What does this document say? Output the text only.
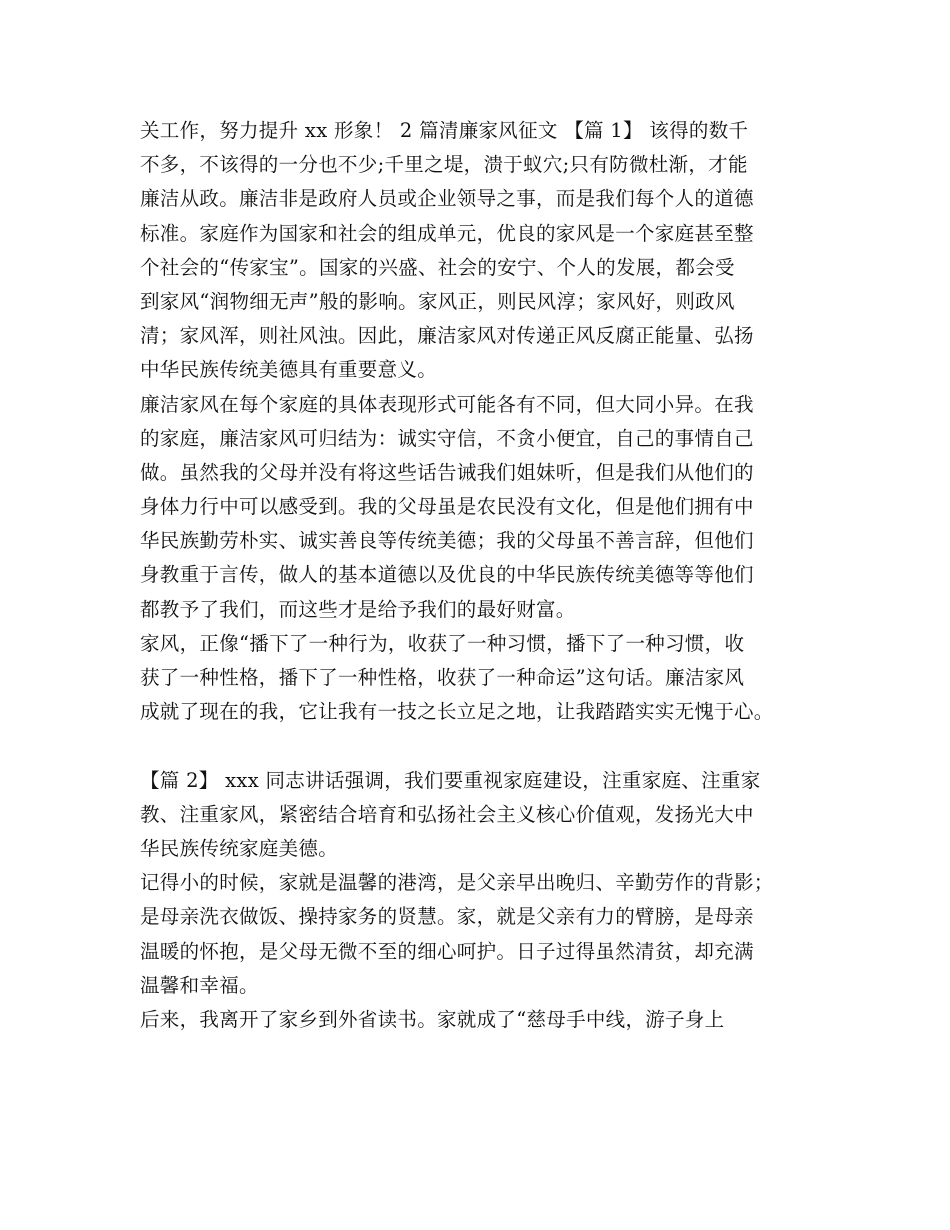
关工作，努力提升 xx 形象！ 2 篇清廉家风征文 【篇 1】 该得的数千
不多，不该得的一分也不少;千里之堤，溃于蚁穴;只有防微杜渐，才能
廉洁从政。廉洁非是政府人员或企业领导之事，而是我们每个人的道德
标准。家庭作为国家和社会的组成单元，优良的家风是一个家庭甚至整
个社会的“传家宝”。国家的兴盛、社会的安宁、个人的发展，都会受
到家风“润物细无声”般的影响。家风正，则民风淳；家风好，则政风
清；家风浑，则社风浊。因此，廉洁家风对传递正风反腐正能量、弘扬
中华民族传统美德具有重要意义。
廉洁家风在每个家庭的具体表现形式可能各有不同，但大同小异。在我
的家庭，廉洁家风可归结为：诚实守信，不贪小便宜，自己的事情自己
做。虽然我的父母并没有将这些话告诫我们姐妹听，但是我们从他们的
身体力行中可以感受到。我的父母虽是农民没有文化，但是他们拥有中
华民族勤劳朴实、诚实善良等传统美德；我的父母虽不善言辞，但他们
身教重于言传，做人的基本道德以及优良的中华民族传统美德等等他们
都教予了我们，而这些才是给予我们的最好财富。
家风，正像“播下了一种行为，收获了一种习惯，播下了一种习惯，收
获了一种性格，播下了一种性格，收获了一种命运”这句话。廉洁家风
成就了现在的我，它让我有一技之长立足之地，让我踏踏实实无愧于心。
【篇 2】 xxx 同志讲话强调，我们要重视家庭建设，注重家庭、注重家
教、注重家风，紧密结合培育和弘扬社会主义核心价值观，发扬光大中
华民族传统家庭美德。
记得小的时候，家就是温馨的港湾，是父亲早出晚归、辛勤劳作的背影；
是母亲洗衣做饭、操持家务的贤慧。家，就是父亲有力的臂膀，是母亲
温暖的怀抱，是父母无微不至的细心呵护。日子过得虽然清贫，却充满
温馨和幸福。
后来，我离开了家乡到外省读书。家就成了“慈母手中线，游子身上
